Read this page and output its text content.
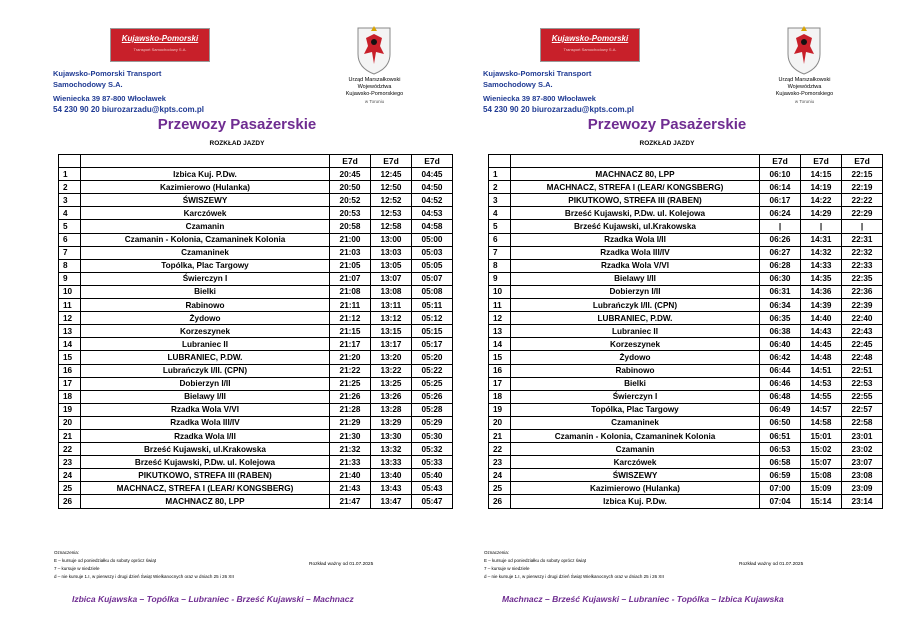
Kujawsko-Pomorski
Transport Samochodowy S.A.
Urząd Marszałkowski
Województwa
Kujawsko-Pomorskiego
w Toruniu
Kujawsko-Pomorski Transport
Samochodowy S.A.
Wieniecka 39 87-800 Włocławek
54 230 90 20 biurozarzadu@kpts.com.pl
Przewozy Pasażerskie
ROZKŁAD JAZDY
		E7d	E7d	E7d
1	Izbica Kuj. P.Dw.	20:45	12:45	04:45
2	Kazimierowo (Hulanka)	20:50	12:50	04:50
3	ŚWISZEWY	20:52	12:52	04:52
4	Karczówek	20:53	12:53	04:53
5	Czamanin	20:58	12:58	04:58
6	Czamanin - Kolonia, Czamaninek Kolonia	21:00	13:00	05:00
7	Czamaninek	21:03	13:03	05:03
8	Topólka, Plac Targowy	21:05	13:05	05:05
9	Świerczyn I	21:07	13:07	05:07
10	Bielki	21:08	13:08	05:08
11	Rabinowo	21:11	13:11	05:11
12	Żydowo	21:12	13:12	05:12
13	Korzeszynek	21:15	13:15	05:15
14	Lubraniec II	21:17	13:17	05:17
15	LUBRANIEC, P.DW.	21:20	13:20	05:20
16	Lubrańczyk I/II. (CPN)	21:22	13:22	05:22
17	Dobierzyn I/II	21:25	13:25	05:25
18	Bielawy I/II	21:26	13:26	05:26
19	Rzadka Wola V/VI	21:28	13:28	05:28
20	Rzadka Wola III/IV	21:29	13:29	05:29
21	Rzadka Wola I/II	21:30	13:30	05:30
22	Brześć Kujawski, ul.Krakowska	21:32	13:32	05:32
23	Brześć Kujawski, P.Dw. ul. Kolejowa	21:33	13:33	05:33
24	PIKUTKOWO, STREFA III (RABEN)	21:40	13:40	05:40
25	MACHNACZ, STREFA I (LEAR/ KONGSBERG)	21:43	13:43	05:43
26	MACHNACZ 80, LPP	21:47	13:47	05:47
Oznaczenia:
E – kursuje od poniedziałku do soboty oprócz świąt
7 – kursuje w niedziele
d – nie kursuje 1.I, w pierwszy i drugi dzień Świąt Wielkanocnych oraz w dniach 25 i 26 XII
Rozkład ważny od 01.07.2025
Izbica Kujawska – Topólka – Lubraniec - Brześć Kujawski – Machnacz
Kujawsko-Pomorski
Transport Samochodowy S.A.
Urząd Marszałkowski
Województwa
Kujawsko-Pomorskiego
w Toruniu
Kujawsko-Pomorski Transport
Samochodowy S.A.
Wieniecka 39 87-800 Włocławek
54 230 90 20 biurozarzadu@kpts.com.pl
Przewozy Pasażerskie
ROZKŁAD JAZDY
		E7d	E7d	E7d
1	MACHNACZ 80, LPP	06:10	14:15	22:15
2	MACHNACZ, STREFA I (LEAR/ KONGSBERG)	06:14	14:19	22:19
3	PIKUTKOWO, STREFA III (RABEN)	06:17	14:22	22:22
4	Brześć Kujawski, P.Dw. ul. Kolejowa	06:24	14:29	22:29
5	Brześć Kujawski, ul.Krakowska	|	|	|
6	Rzadka Wola I/II	06:26	14:31	22:31
7	Rzadka Wola III/IV	06:27	14:32	22:32
8	Rzadka Wola V/VI	06:28	14:33	22:33
9	Bielawy I/II	06:30	14:35	22:35
10	Dobierzyn I/II	06:31	14:36	22:36
11	Lubrańczyk I/II. (CPN)	06:34	14:39	22:39
12	LUBRANIEC, P.DW.	06:35	14:40	22:40
13	Lubraniec II	06:38	14:43	22:43
14	Korzeszynek	06:40	14:45	22:45
15	Żydowo	06:42	14:48	22:48
16	Rabinowo	06:44	14:51	22:51
17	Bielki	06:46	14:53	22:53
18	Świerczyn I	06:48	14:55	22:55
19	Topólka, Plac Targowy	06:49	14:57	22:57
20	Czamaninek	06:50	14:58	22:58
21	Czamanin - Kolonia, Czamaninek Kolonia	06:51	15:01	23:01
22	Czamanin	06:53	15:02	23:02
23	Karczówek	06:58	15:07	23:07
24	ŚWISZEWY	06:59	15:08	23:08
25	Kazimierowo (Hulanka)	07:00	15:09	23:09
26	Izbica Kuj. P.Dw.	07:04	15:14	23:14
Oznaczenia:
E – kursuje od poniedziałku do soboty oprócz świąt
7 – kursuje w niedziele
d – nie kursuje 1.I, w pierwszy i drugi dzień Świąt Wielkanocnych oraz w dniach 25 i 26 XII
Rozkład ważny od 01.07.2025
Machnacz – Brześć Kujawski – Lubraniec - Topólka – Izbica Kujawska
